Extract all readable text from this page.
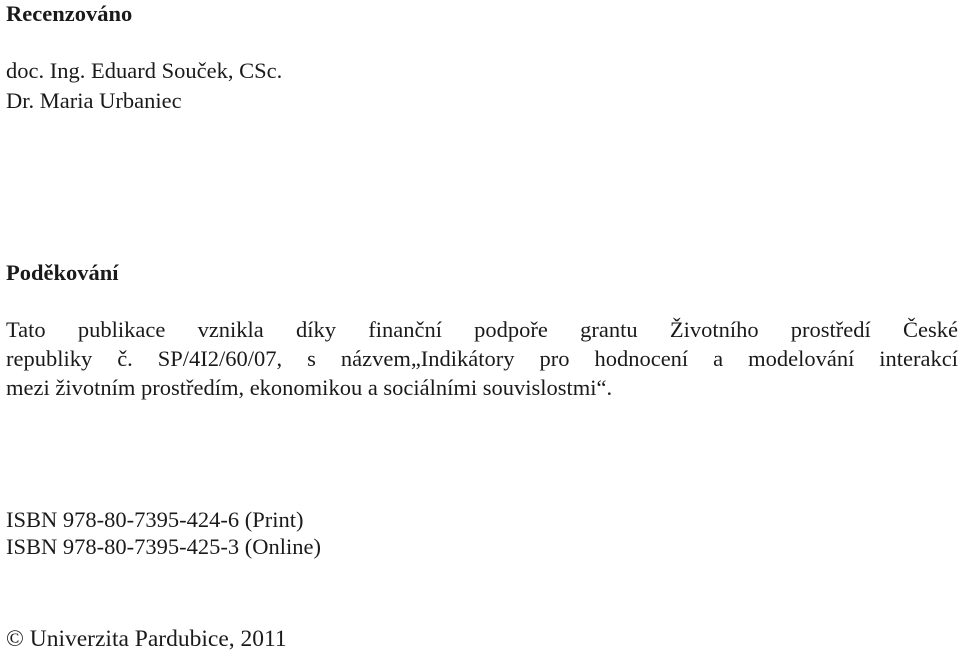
Recenzováno
doc. Ing. Eduard Souček, CSc.
Dr. Maria Urbaniec
Poděkování
Tato publikace vznikla díky finanční podpoře grantu Životního prostředí České
republiky č. SP/4I2/60/07, s názvem„Indikátory pro hodnocení a modelování interakcí
mezi životním prostředím, ekonomikou a sociálními souvislostmi“.
ISBN 978-80-7395-424-6 (Print)
ISBN 978-80-7395-425-3 (Online)
© Univerzita Pardubice, 2011
